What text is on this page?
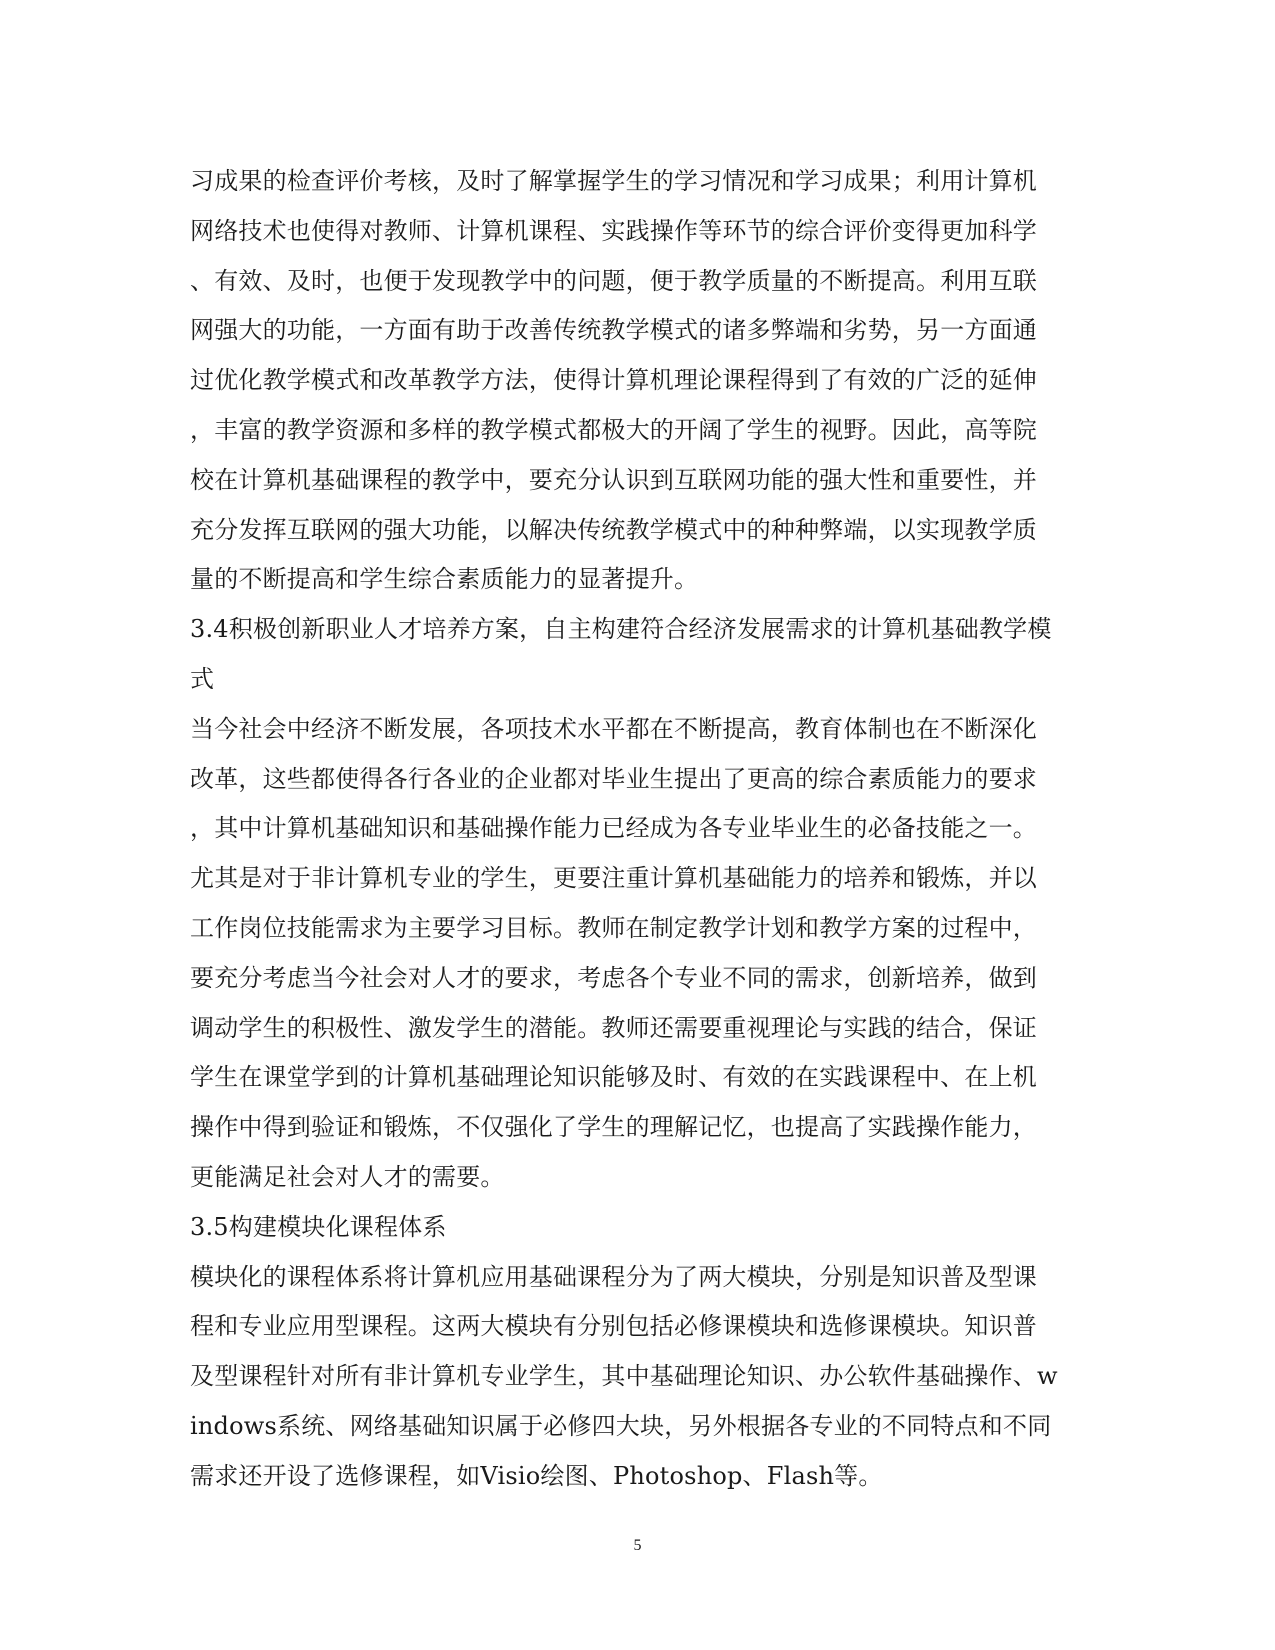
习成果的检查评价考核，及时了解掌握学生的学习情况和学习成果；利用计算机
网络技术也使得对教师、计算机课程、实践操作等环节的综合评价变得更加科学
、有效、及时，也便于发现教学中的问题，便于教学质量的不断提高。利用互联
网强大的功能，一方面有助于改善传统教学模式的诸多弊端和劣势，另一方面通
过优化教学模式和改革教学方法，使得计算机理论课程得到了有效的广泛的延伸
，丰富的教学资源和多样的教学模式都极大的开阔了学生的视野。因此，高等院
校在计算机基础课程的教学中，要充分认识到互联网功能的强大性和重要性，并
充分发挥互联网的强大功能，以解决传统教学模式中的种种弊端，以实现教学质
量的不断提高和学生综合素质能力的显著提升。
3.4积极创新职业人才培养方案，自主构建符合经济发展需求的计算机基础教学模
式
当今社会中经济不断发展，各项技术水平都在不断提高，教育体制也在不断深化
改革，这些都使得各行各业的企业都对毕业生提出了更高的综合素质能力的要求
，其中计算机基础知识和基础操作能力已经成为各专业毕业生的必备技能之一。
尤其是对于非计算机专业的学生，更要注重计算机基础能力的培养和锻炼，并以
工作岗位技能需求为主要学习目标。教师在制定教学计划和教学方案的过程中，
要充分考虑当今社会对人才的要求，考虑各个专业不同的需求，创新培养，做到
调动学生的积极性、激发学生的潜能。教师还需要重视理论与实践的结合，保证
学生在课堂学到的计算机基础理论知识能够及时、有效的在实践课程中、在上机
操作中得到验证和锻炼，不仅强化了学生的理解记忆，也提高了实践操作能力，
更能满足社会对人才的需要。
3.5构建模块化课程体系
模块化的课程体系将计算机应用基础课程分为了两大模块，分别是知识普及型课
程和专业应用型课程。这两大模块有分别包括必修课模块和选修课模块。知识普
及型课程针对所有非计算机专业学生，其中基础理论知识、办公软件基础操作、w
indows系统、网络基础知识属于必修四大块，另外根据各专业的不同特点和不同
需求还开设了选修课程，如Visio绘图、Photoshop、Flash等。
5
